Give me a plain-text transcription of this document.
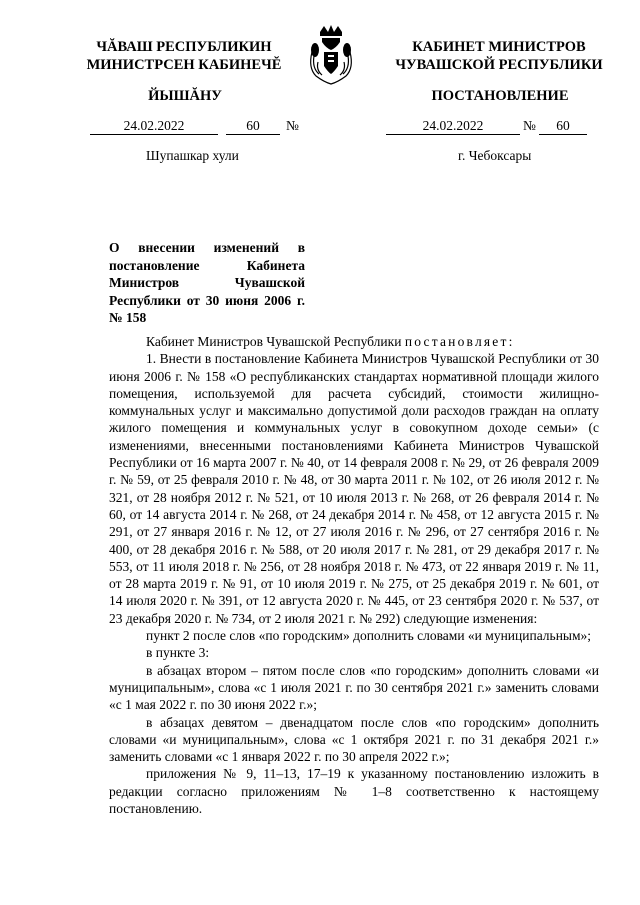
ЧĂВАШ РЕСПУБЛИКИН
МИНИСТРСЕН КАБИНЕЧĔ
ЙЫШĂНУ
КАБИНЕТ МИНИСТРОВ
ЧУВАШСКОЙ РЕСПУБЛИКИ
ПОСТАНОВЛЕНИЕ
24.02.2022	60	№	24.02.2022	№	60
Шупашкар хули	г. Чебоксары
О внесении изменений в постановление Кабинета Министров Чувашской Республики от 30 июня 2006 г. № 158

Кабинет Министров Чувашской Республики постановляет:

1. Внести в постановление Кабинета Министров Чувашской Республики от 30 июня 2006 г. № 158 «О республиканских стандартах нормативной площади жилого помещения, используемой для расчета субсидий, стоимости жилищно-коммунальных услуг и максимально допустимой доли расходов граждан на оплату жилого помещения и коммунальных услуг в совокупном доходе семьи» (с изменениями, внесенными постановлениями Кабинета Министров Чувашской Республики от 16 марта 2007 г. № 40, от 14 февраля 2008 г. № 29, от 26 февраля 2009 г. № 59, от 25 февраля 2010 г. № 48, от 30 марта 2011 г. № 102, от 26 июля 2012 г. № 321, от 28 ноября 2012 г. № 521, от 10 июля 2013 г. № 268, от 26 февраля 2014 г. № 60, от 14 августа 2014 г. № 268, от 24 декабря 2014 г. № 458, от 12 августа 2015 г. № 291, от 27 января 2016 г. № 12, от 27 июля 2016 г. № 296, от 27 сентября 2016 г. № 400, от 28 декабря 2016 г. № 588, от 20 июля 2017 г. № 281, от 29 декабря 2017 г. № 553, от 11 июля 2018 г. № 256, от 28 ноября 2018 г. № 473, от 22 января 2019 г. № 11, от 28 марта 2019 г. № 91, от 10 июля 2019 г. № 275, от 25 декабря 2019 г. № 601, от 14 июля 2020 г. № 391, от 12 августа 2020 г. № 445, от 23 сентября 2020 г. № 537, от 23 декабря 2020 г. № 734, от 2 июля 2021 г. № 292) следующие изменения:

пункт 2 после слов «по городским» дополнить словами «и муниципальным»;

в пункте 3:

в абзацах втором – пятом после слов «по городским» дополнить словами «и муниципальным», слова «с 1 июля 2021 г. по 30 сентября 2021 г.» заменить словами «с 1 мая 2022 г. по 30 июня 2022 г.»;

в абзацах девятом – двенадцатом после слов «по городским» дополнить словами «и муниципальным», слова «с 1 октября 2021 г. по 31 декабря 2021 г.» заменить словами «с 1 января 2022 г. по 30 апреля 2022 г.»;

приложения № 9, 11–13, 17–19 к указанному постановлению изложить в редакции согласно приложениям № 1–8 соответственно к настоящему постановлению.
